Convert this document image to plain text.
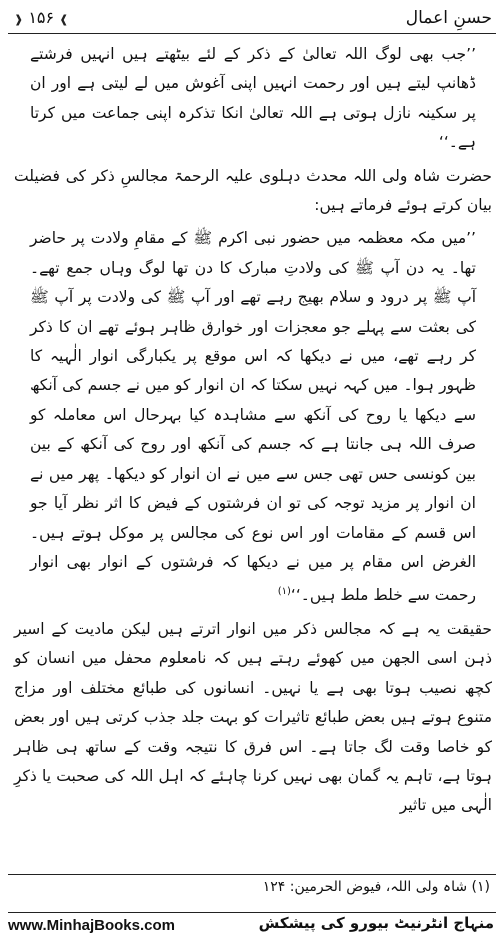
حسنِ اعمال
❱ ۱۵۶ ❰

’’جب بھی لوگ اللہ تعالیٰ کے ذکر کے لئے بیٹھتے ہیں انہیں فرشتے ڈھانپ لیتے ہیں اور رحمت انہیں اپنی آغوش میں لے لیتی ہے اور ان پر سکینہ نازل ہوتی ہے اللہ تعالیٰ انکا تذکرہ اپنی جماعت میں کرتا ہے۔‘‘

حضرت شاہ ولی اللہ محدث دہلوی علیہ الرحمۃ مجالسِ ذکر کی فضیلت بیان کرتے ہوئے فرماتے ہیں:

’’میں مکہ معظمہ میں حضور نبی اکرم ﷺ کے مقامِ ولادت پر حاضر تھا۔ یہ دن آپ ﷺ کی ولادتِ مبارک کا دن تھا لوگ وہاں جمع تھے۔ آپ ﷺ پر درود و سلام بھیج رہے تھے اور آپ ﷺ کی ولادت پر آپ ﷺ کی بعثت سے پہلے جو معجزات اور خوارق ظاہر ہوئے تھے ان کا ذکر کر رہے تھے، میں نے دیکھا کہ اس موقع پر یکبارگی انوار الٰہیہ کا ظہور ہوا۔ میں کہہ نہیں سکتا کہ ان انوار کو میں نے جسم کی آنکھ سے دیکھا یا روح کی آنکھ سے مشاہدہ کیا بہرحال اس معاملہ کو صرف اللہ ہی جانتا ہے کہ جسم کی آنکھ اور روح کی آنکھ کے بین بین کونسی حس تھی جس سے میں نے ان انوار کو دیکھا۔ پھر میں نے ان انوار پر مزید توجہ کی تو ان فرشتوں کے فیض کا اثر نظر آیا جو اس قسم کے مقامات اور اس نوع کی مجالس پر موکل ہوتے ہیں۔ الغرض اس مقام پر میں نے دیکھا کہ فرشتوں کے انوار بھی انوار رحمت سے خلط ملط ہیں۔‘‘$^{(۱)}$

حقیقت یہ ہے کہ مجالس ذکر میں انوار اترتے ہیں لیکن مادیت کے اسیر ذہن اسی الجھن میں کھوئے رہتے ہیں کہ نامعلوم محفل میں انسان کو کچھ نصیب ہوتا بھی ہے یا نہیں۔ انسانوں کی طبائع مختلف اور مزاج متنوع ہوتے ہیں بعض طبائع تاثیرات کو بہت جلد جذب کرتی ہیں اور بعض کو خاصا وقت لگ جاتا ہے۔ اس فرق کا نتیجہ وقت کے ساتھ ہی ظاہر ہوتا ہے، تاہم یہ گمان بھی نہیں کرنا چاہئے کہ اہل اللہ کی صحبت یا ذکرِ الٰہی میں تاثیر

(۱) شاہ ولی اللہ، فیوض الحرمین: ۱۲۴
www.MinhajBooks.com	منہاج انٹرنیٹ بیورو کی پیشکش
